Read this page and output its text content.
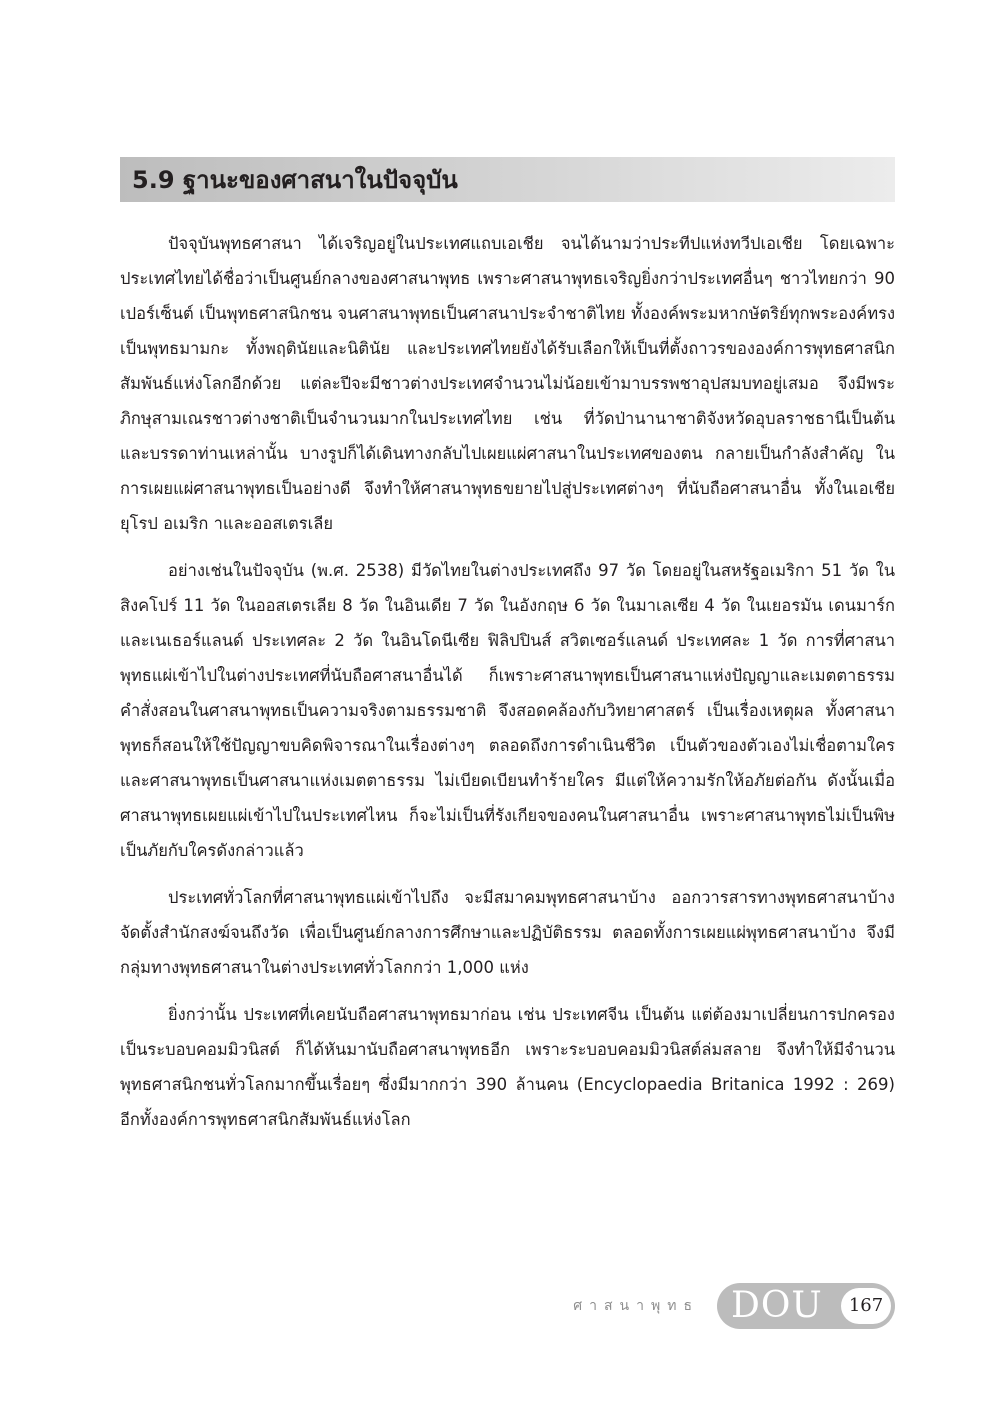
5.9 ฐานะของศาสนาในปัจจุบัน

ปัจจุบันพุทธศาสนา ได้เจริญอยู่ในประเทศแถบเอเชีย จนได้นามว่าประทีปแห่งทวีปเอเชีย โดยเฉพาะประเทศไทยได้ชื่อว่าเป็นศูนย์กลางของศาสนาพุทธ เพราะศาสนาพุทธเจริญยิ่งกว่าประเทศอื่นๆ ชาวไทยกว่า 90 เปอร์เซ็นต์ เป็นพุทธศาสนิกชน จนศาสนาพุทธเป็นศาสนาประจำชาติไทย ทั้งองค์พระมหากษัตริย์ทุกพระองค์ทรงเป็นพุทธมามกะ ทั้งพฤตินัยและนิตินัย และประเทศไทยยังได้รับเลือกให้เป็นที่ตั้งถาวรขององค์การพุทธศาสนิกสัมพันธ์แห่งโลกอีกด้วย แต่ละปีจะมีชาวต่างประเทศจำนวนไม่น้อยเข้ามาบรรพชาอุปสมบทอยู่เสมอ จึงมีพระภิกษุสามเณรชาวต่างชาติเป็นจำนวนมากในประเทศไทย เช่น ที่วัดป่านานาชาติจังหวัดอุบลราชธานีเป็นต้น และบรรดาท่านเหล่านั้น บางรูปก็ได้เดินทางกลับไปเผยแผ่ศาสนาในประเทศของตน กลายเป็นกำลังสำคัญ ในการเผยแผ่ศาสนาพุทธเป็นอย่างดี จึงทำให้ศาสนาพุทธขยายไปสู่ประเทศต่างๆ ที่นับถือศาสนาอื่น ทั้งในเอเชีย ยุโรป อเมริก าและออสเตรเลีย

อย่างเช่นในปัจจุบัน (พ.ศ. 2538) มีวัดไทยในต่างประเทศถึง 97 วัด โดยอยู่ในสหรัฐอเมริกา 51 วัด ในสิงคโปร์ 11 วัด ในออสเตรเลีย 8 วัด ในอินเดีย 7 วัด ในอังกฤษ 6 วัด ในมาเลเซีย 4 วัด ในเยอรมัน เดนมาร์ก และเนเธอร์แลนด์ ประเทศละ 2 วัด ในอินโดนีเซีย ฟิลิปปินส์ สวิตเซอร์แลนด์ ประเทศละ 1 วัด การที่ศาสนาพุทธแผ่เข้าไปในต่างประเทศที่นับถือศาสนาอื่นได้ ก็เพราะศาสนาพุทธเป็นศาสนาแห่งปัญญาและเมตตาธรรม คำสั่งสอนในศาสนาพุทธเป็นความจริงตามธรรมชาติ จึงสอดคล้องกับวิทยาศาสตร์ เป็นเรื่องเหตุผล ทั้งศาสนาพุทธก็สอนให้ใช้ปัญญาขบคิดพิจารณาในเรื่องต่างๆ ตลอดถึงการดำเนินชีวิต เป็นตัวของตัวเองไม่เชื่อตามใคร และศาสนาพุทธเป็นศาสนาแห่งเมตตาธรรม ไม่เบียดเบียนทำร้ายใคร มีแต่ให้ความรักให้อภัยต่อกัน ดังนั้นเมื่อศาสนาพุทธเผยแผ่เข้าไปในประเทศไหน ก็จะไม่เป็นที่รังเกียจของคนในศาสนาอื่น เพราะศาสนาพุทธไม่เป็นพิษเป็นภัยกับใครดังกล่าวแล้ว

ประเทศทั่วโลกที่ศาสนาพุทธแผ่เข้าไปถึง จะมีสมาคมพุทธศาสนาบ้าง ออกวารสารทางพุทธศาสนาบ้าง จัดตั้งสำนักสงฆ์จนถึงวัด เพื่อเป็นศูนย์กลางการศึกษาและปฏิบัติธรรม ตลอดทั้งการเผยแผ่พุทธศาสนาบ้าง จึงมีกลุ่มทางพุทธศาสนาในต่างประเทศทั่วโลกกว่า 1,000 แห่ง

ยิ่งกว่านั้น ประเทศที่เคยนับถือศาสนาพุทธมาก่อน เช่น ประเทศจีน เป็นต้น แต่ต้องมาเปลี่ยนการปกครองเป็นระบอบคอมมิวนิสต์ ก็ได้หันมานับถือศาสนาพุทธอีก เพราะระบอบคอมมิวนิสต์ล่มสลาย จึงทำให้มีจำนวนพุทธศาสนิกชนทั่วโลกมากขึ้นเรื่อยๆ ซึ่งมีมากกว่า 390 ล้านคน (Encyclopaedia Britanica 1992 : 269) อีกทั้งองค์การพุทธศาสนิกสัมพันธ์แห่งโลก

ศาสนาพุทธ DOU	167
